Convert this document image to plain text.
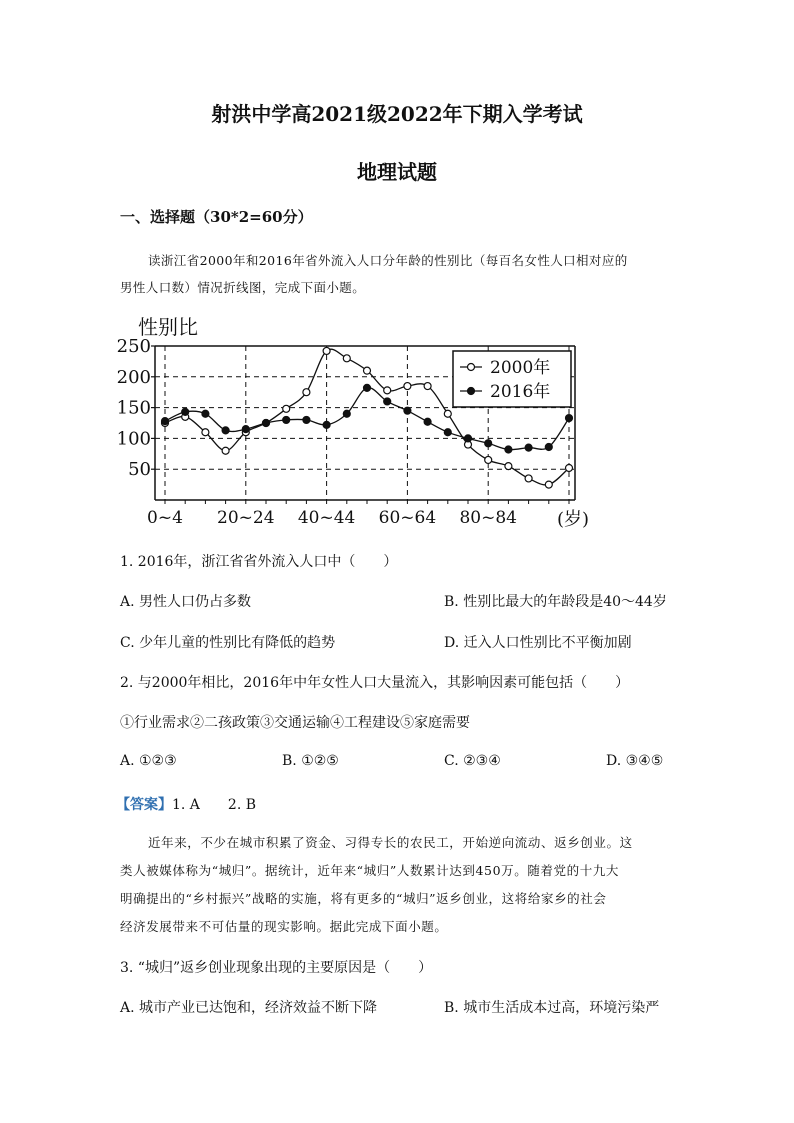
射洪中学高2021级2022年下期入学考试
地理试题
一、选择题（30*2=60分）
读浙江省2000年和2016年省外流入人口分年龄的性别比（每百名女性人口相对应的
男性人口数）情况折线图，完成下面小题。
性别比
250
200
150
100
50
0~4 20~24 40~44 60~64 80~84 (岁)
2000年
2016年
1. 2016年，浙江省省外流入人口中（　　）
A. 男性人口仍占多数	B. 性别比最大的年龄段是40～44岁
C. 少年儿童的性别比有降低的趋势	D. 迁入人口性别比不平衡加剧
2. 与2000年相比，2016年中年女性人口大量流入，其影响因素可能包括（　　）
①行业需求②二孩政策③交通运输④工程建设⑤家庭需要
A. ①②③	B. ①②⑤	C. ②③④	D. ③④⑤
【答案】1. A　　2. B
近年来，不少在城市积累了资金、习得专长的农民工，开始逆向流动、返乡创业。这
类人被媒体称为“城归”。据统计，近年来“城归”人数累计达到450万。随着党的十九大
明确提出的“乡村振兴”战略的实施，将有更多的“城归”返乡创业，这将给家乡的社会
经济发展带来不可估量的现实影响。据此完成下面小题。
3. “城归”返乡创业现象出现的主要原因是（　　）
A. 城市产业已达饱和，经济效益不断下降	B. 城市生活成本过高，环境污染严
